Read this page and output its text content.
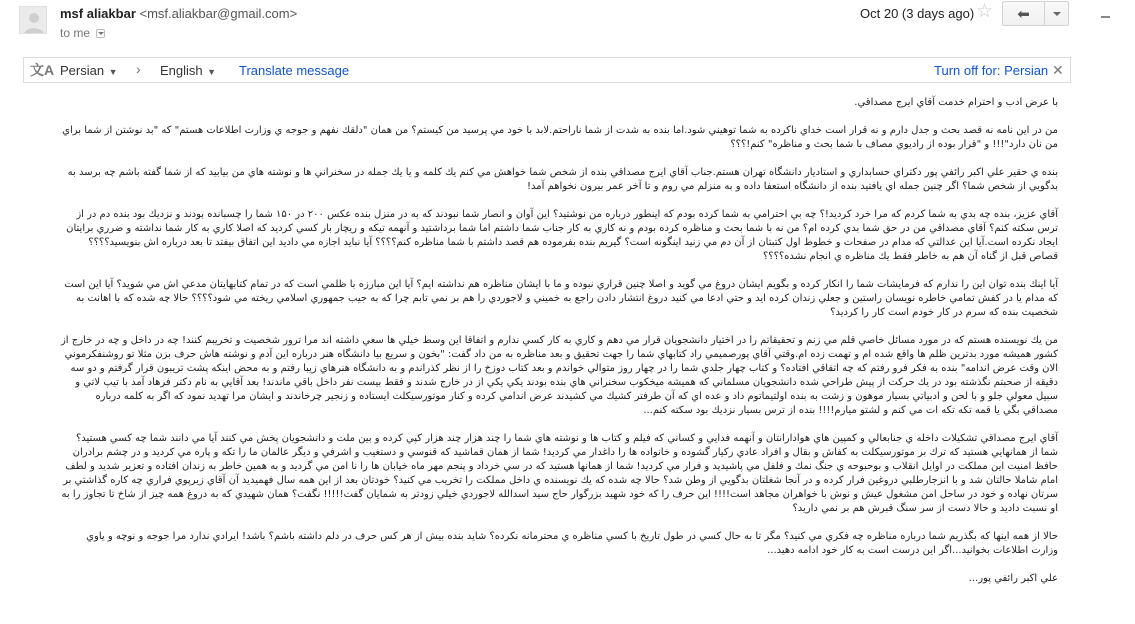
msf aliakbar <msf.aliakbar@gmail.com>
to me
Oct 20 (3 days ago) ☆ ⬅
文A Persian ▼ › English ▼ Translate message	Turn off for: Persian ✕

با عرض ادب و احترام خدمت آقاي ايرج مصداقي.

من در اين نامه نه قصد بحث و جدل دارم و نه قرار است خداي ناكرده به شما توهيني شود.اما بنده به شدت از شما ناراحتم.لابد با خود مي پرسيد من كيستم؟ من همان "دلقك نفهم و جوجه ي وزارت اطلاعات هستم" كه "بد نوشتن از شما براي من نان دارد"!!! و "قرار بوده از راديوي مصاف با شما بحث و مناظره" كنم!؟؟؟

بنده ي حقير علي اكبر رائفي پور دكتراي حسابداري و استاديار دانشگاه تهران هستم.جناب آقاي ايرج مصداقي بنده از شخص شما خواهش مي كنم يك كلمه و يا يك جمله در سخنراني ها و نوشته هاي من بيابيد كه از شما گفته باشم چه برسد به بدگويي از شخص شما؟ اگر چنين جمله اي يافتيد بنده از دانشگاه استعفا داده و به منزلم مي روم و تا آخر عمر بيرون نخواهم آمد!

آقاي عزيز، بنده چه بدي به شما كردم كه مرا خرد كرديد!؟ چه بي احترامي به شما كرده بودم كه اينطور درباره من نوشتيد؟ اين آوان و انصار شما نبودند كه به در منزل بنده عكس ۲۰۰ در ۱۵۰ شما را چسبانده بودند و نزديك بود بنده دم در از ترس سكته كنم؟ آقاي مصداقي من در حق شما بدي كرده ام؟ من نه با شما بحث و مناظره كرده بودم و نه كاري به كار جناب شما داشتم اما شما برداشتيد و آنهمه تيكه و ريچار بار كسي كرديد كه اصلا كاري به كار شما نداشته و ضرري برايتان ايجاد نكرده است.آيا اين عدالتي كه مدام در صفحات و خطوط اول كتبتان از آن دم مي زنيد اينگونه است؟ گيريم بنده بفرموده هم قصد داشتم با شما مناظره كنم؟؟؟؟ آيا نبايد اجازه مي داديد اين اتفاق بيفتد تا بعد درباره اش بنويسيد؟؟؟؟ قصاص قبل از گناه آن هم به خاطر فقط يك مناظره ي انجام نشده؟؟؟؟

آيا اينك بنده توان اين را ندارم كه فرمايشات شما را انكار كرده و بگويم ايشان دروغ مي گويد و اصلا چنين قراري نبوده و ما با ايشان مناظره هم نداشته ايم؟ آيا اين مبارزه با ظلمي است كه در تمام كتابهايتان مدعي اش مي شويد؟ آيا اين است كه مدام يا در كفش تمامي خاطره نويسان راستين و جعلي زندان كرده ايد و حتي ادعا مي كنيد دروغ انتشار دادن راجع به خميني و لاجوردي را هم بر نمي تابم چرا كه به جيب جمهوري اسلامي ريخته مي شود؟؟؟؟ حالا چه شده كه با اهانت به شخصيت بنده كه سرم در كار خودم است كار را كرديد؟

من يك نويسنده هستم كه در مورد مسائل خاصي قلم مي زنم و تحقيقاتم را در اختيار دانشجويان قرار مي دهم و كاري به كار كسي ندارم و اتفاقا اين وسط خيلي ها سعي داشته اند مرا ترور شخصيت و تخريبم كنند! چه در داخل و چه در خارج از كشور همیشه مورد بدترين ظلم ها واقع شده ام و تهمت زده ام.وقتي آقاي پورصميمي راد كتابهاي شما را جهت تحقيق و بعد مناظره به من داد گفت: "بخون و سريع بيا دانشگاه هنر درباره اين آدم و نوشته هاش حرف بزن مثلا تو روشنفكرموني الان وقت عرض اندامه" بنده به فكر فرو رفتم كه چه اتفاقي افتاده؟ و كتاب چهار جلدي شما را در چهار روز متوالي خواندم و بعد كتاب دوزخ را از نظر كذراندم و به دانشگاه هنرهاي زيبا رفتم و به محض اينكه پشت تريبون قرار گرفتم و دو سه دقيقه از صحبتم نگذشته بود در يك حركت از پيش طراحي شده دانشجويان مسلماني كه هميشه ميخكوب سخنراني هاي بنده بودند يكي يكي از در خارج شدند و فقط بيست نفر داخل باقي ماندند! بعد آقايي به نام دكتر فرهاد آمد با تيپ لاتي و سبيل معولي جلو و با لحن و ادبياتي بسيار موهون و زشت به بنده اولتيماتوم داد و عده اي كه آن طرفتر كشيك مي كشيدند عرض اندامي كرده و كنار موتورسيكلت ايستاده و زنجير چرخاندند و ايشان مرا تهديد نمود كه اگر به كلمه درباره مصداقي بگي يا قمه تكه تكه ات مي كنم و لشتو ميارم!!!! بنده از ترس بسيار نزديك بود سكته كنم...

آقاي ايرج مصداقي تشكيلات داخله ي جنابعالي و كمپين هاي هوادارانتان و آنهمه فدايي و كساني كه فيلم و كتاب ها و نوشته هاي شما را چند هزار چند هزار كپي كرده و بين ملت و دانشجويان پخش مي كنند آيا مي دانند شما چه كسي هستيد؟ شما از همانهايي هستيد كه ترك بر موتورسيكلت به كفاش و بقال و افراد عادي ركيار گشوده و خانواده ها را داغدار مي كرديد! شما از همان قماشيد كه قنوسي و دستغيب و اشرفي و ديگر عالمان ما را تكه و پاره مي كرديد و در چشم برادران حافظ امنيت اين مملكت در اوايل انقلاب و بوحبوحه ي جنگ نمك و فلفل مي پاشيديد و فرار مي كرديد! شما از همانها هستيد كه در سي خرداد و پنجم مهر ماه خيابان ها را نا امن مي گرديد و به همين خاطر به زندان افتاده و تعزير شديد و لطف امام شاملا حالتان شد و با انزجارطلبي دروغين فرار كرده و در آنجا شغلتان بدگويي از وطن شد؟ حالا چه شده كه يك نويسنده ي داخل مملكت را تخريب مي كنيد؟ خودتان بعد از اين همه سال فهميديد آن آقاي زيرپوي فراري چه كاره گذاشتي بر سرتان نهاده و خود در ساحل امن مشغول عيش و نوش با خواهران مجاهد است!!!! اين حرف را كه خود شهيد بزرگوار حاج سيد اسدالله لاجوردي خيلي زودتر به شمايان گفت!!!!! نگفت؟ همان شهيدي كه به دروغ همه چيز از شاخ تا تجاوز را به او نسبت داديد و حالا دست از سر سنگ قبرش هم بر نمي داريد؟

حالا از همه اينها كه بگذريم شما درباره مناظره چه فكري مي كنيد؟ مگر تا به حال كسي در طول تاريخ با كسي مناظره ي محترمانه نكرده؟ شايد بنده بيش از هر كس حرف در دلم داشته باشم؟ باشد! ايرادي ندارد مرا جوجه و نوچه و ياوي وزارت اطلاعات بخوانيد...اگر اين درست است به كار خود ادامه دهيد...

علي اكبر رائفي پور...
